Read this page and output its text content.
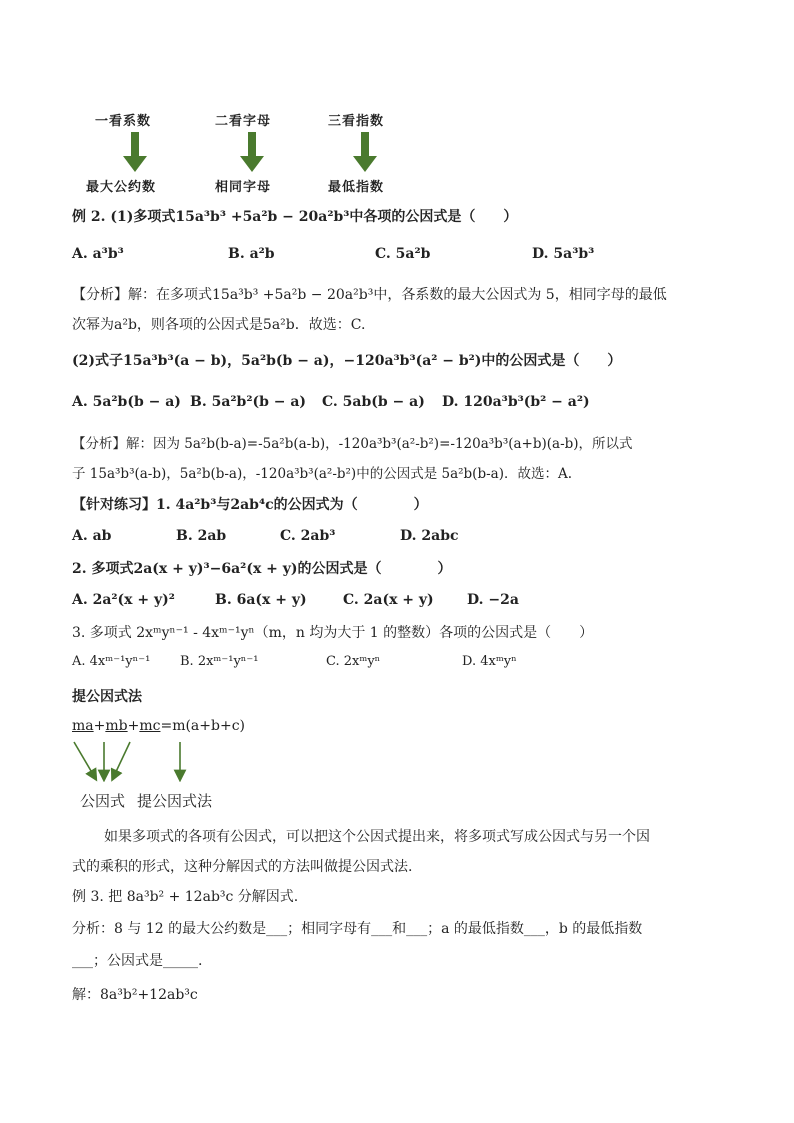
一看系数	二看字母	三看指数
最大公约数	相同字母	最低指数
例 2. (1)多项式15a³b³ +5a²b − 20a²b³中各项的公因式是（　　）
A. a³b³	B. a²b	C. 5a²b	D. 5a³b³
【分析】解：在多项式15a³b³ +5a²b − 20a²b³中，各系数的最大公因式为 5，相同字母的最低
次幂为a²b，则各项的公因式是5a²b．故选：C.
(2)式子15a³b³(a − b)，5a²b(b − a)，−120a³b³(a² − b²)中的公因式是（　　）
A. 5a²b(b − a) B. 5a²b²(b − a) C. 5ab(b − a) D. 120a³b³(b² − a²)
【分析】解：因为 5a²b(b-a)=-5a²b(a-b)，-120a³b³(a²-b²)=-120a³b³(a+b)(a-b)，所以式
子 15a³b³(a-b)，5a²b(b-a)，-120a³b³(a²-b²)中的公因式是 5a²b(b-a)．故选：A.
【针对练习】1. 4a²b³与2ab⁴c的公因式为（　　　　）
A. ab	B. 2ab	C. 2ab³	D. 2abc
2. 多项式2a(x + y)³−6a²(x + y)的公因式是（　　　　）
A. 2a²(x + y)²	B. 6a(x + y)	C. 2a(x + y) D. −2a
3. 多项式 2xᵐyⁿ⁻¹ - 4xᵐ⁻¹yⁿ（m，n 均为大于 1 的整数）各项的公因式是（　　）
A. 4xᵐ⁻¹yⁿ⁻¹ B. 2xᵐ⁻¹yⁿ⁻¹	C. 2xᵐyⁿ	D. 4xᵐyⁿ
提公因式法
ma+mb+mc=m(a+b+c)
公因式 提公因式法
如果多项式的各项有公因式，可以把这个公因式提出来，将多项式写成公因式与另一个因
式的乘积的形式，这种分解因式的方法叫做提公因式法.
例 3. 把 8a³b² + 12ab³c 分解因式.
分析：8 与 12 的最大公约数是___；相同字母有___和___；a 的最低指数___，b 的最低指数
___；公因式是_____.
解：8a³b²+12ab³c
